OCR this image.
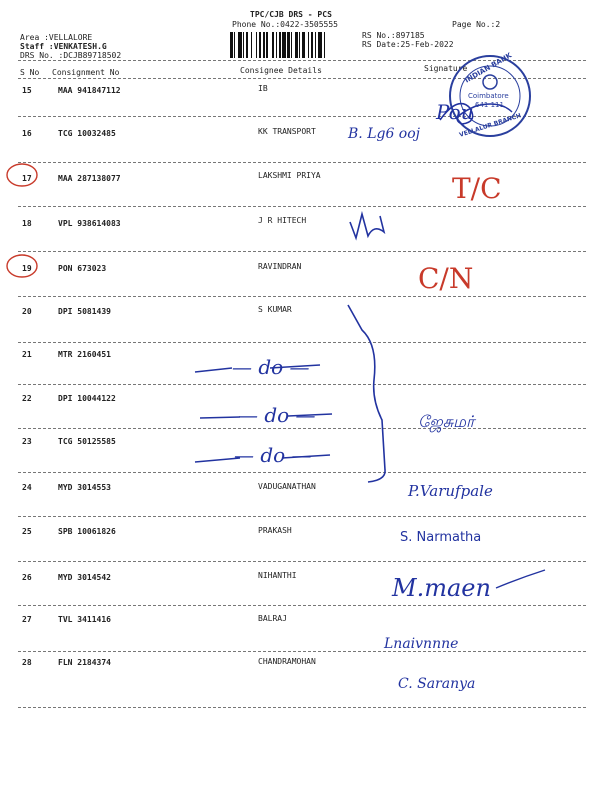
TPC/CJB DRS - PCS
Phone No.:0422-3505555	Page No.:2
Area :VELLALORE
Staff :VENKATESH.G
DRS No. :DCJB89718502
RS No.:897185
RS Date:25-Feb-2022
S No Consignment No	Consignee Details	Signature
15	MAA 941847112	IB
16	TCG 10032485	KK TRANSPORT
17	MAA 287138077	LAKSHMI PRIYA
18	VPL 938614083	J R HITECH
19	PON 673023	RAVINDRAN
20	DPI 5081439	S KUMAR
21	MTR 2160451
22	DPI 10044122
23	TCG 50125585
24	MYD 3014553	VADUGANATHAN
25	SPB 10061826	PRAKASH
26	MYD 3014542	NIHANTHI
27	TVL 3411416	BALRAJ
28	FLN 2184374	CHANDRAMOHAN
INDIAN BANK
Coimbatore
641 111
VELLALUR BRANCH
Pou
B. Lg6 ooj
T/C
C/N
— do —
— do —
— do —
ஜேசுமர்
P.Varufpale
S. Narmatha
M.maen
Lnaivnnne
C. Saranya
